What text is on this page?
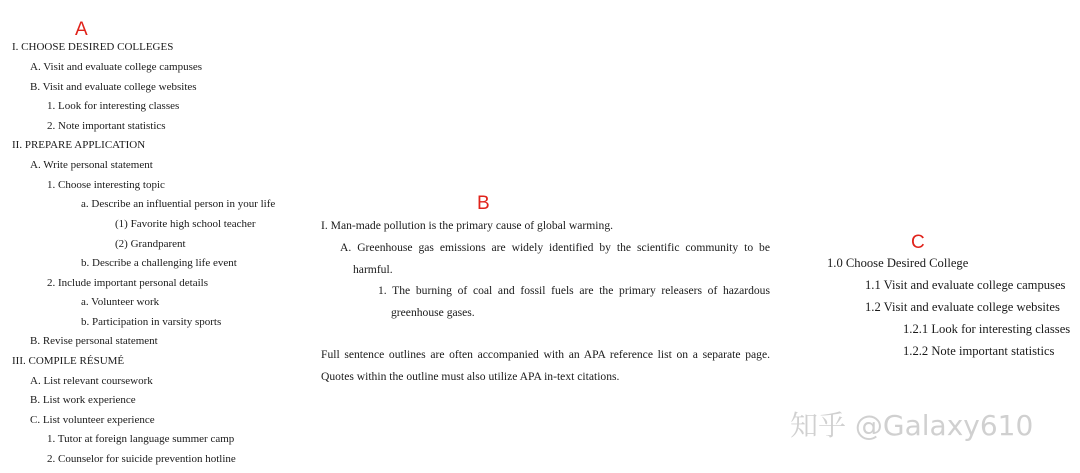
A
I. CHOOSE DESIRED COLLEGES
A. Visit and evaluate college campuses
B. Visit and evaluate college websites
1. Look for interesting classes
2. Note important statistics
II. PREPARE APPLICATION
A. Write personal statement
1. Choose interesting topic
a. Describe an influential person in your life
(1) Favorite high school teacher
(2) Grandparent
b. Describe a challenging life event
2. Include important personal details
a. Volunteer work
b. Participation in varsity sports
B. Revise personal statement
III. COMPILE RÉSUMÉ
A. List relevant coursework
B. List work experience
C. List volunteer experience
1. Tutor at foreign language summer camp
2. Counselor for suicide prevention hotline
B
I. Man-made pollution is the primary cause of global warming.
A. Greenhouse gas emissions are widely identified by the scientific community to be harmful.
1. The burning of coal and fossil fuels are the primary releasers of hazardous greenhouse gases.
Full sentence outlines are often accompanied with an APA reference list on a separate page. Quotes within the outline must also utilize APA in-text citations.
C
1.0 Choose Desired College
1.1 Visit and evaluate college campuses
1.2 Visit and evaluate college websites
1.2.1 Look for interesting classes
1.2.2 Note important statistics
知乎 @Galaxy610
